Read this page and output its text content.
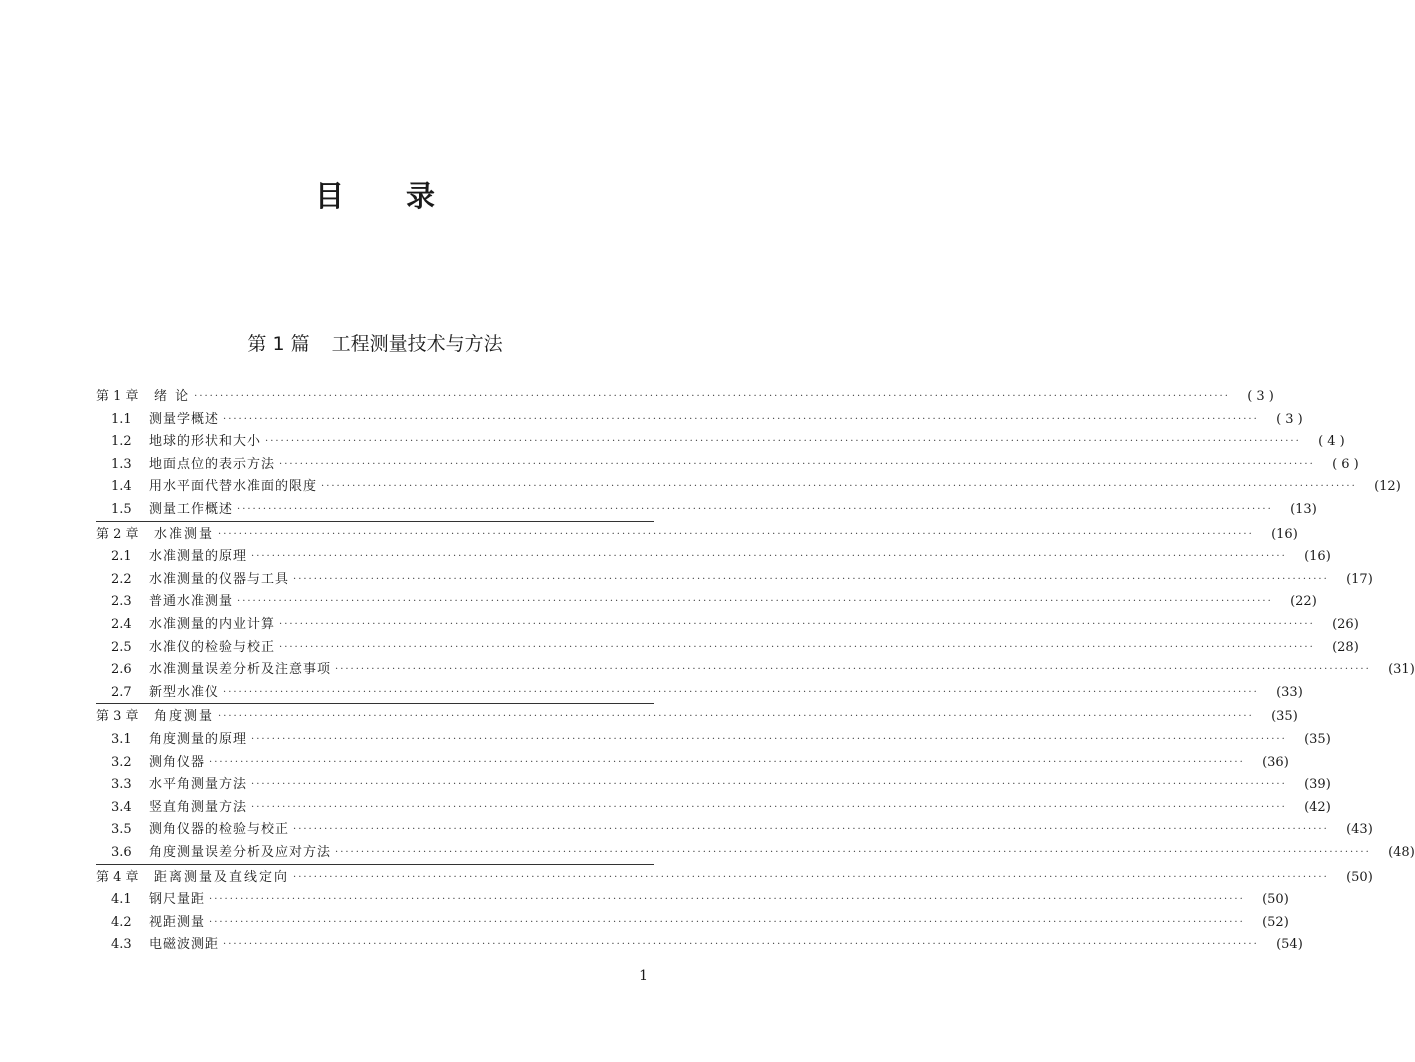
目 录
第 1 篇 工程测量技术与方法
第 1 章	绪 论 ········································································································································································································	( 3 )
1.1	测量学概述 ········································································································································································································	( 3 )
1.2	地球的形状和大小 ········································································································································································································	( 4 )
1.3	地面点位的表示方法 ········································································································································································································	( 6 )
1.4	用水平面代替水准面的限度 ········································································································································································································	(12)
1.5	测量工作概述 ········································································································································································································	(13)
第 2 章	水准测量 ········································································································································································································	(16)
2.1	水准测量的原理 ········································································································································································································	(16)
2.2	水准测量的仪器与工具 ········································································································································································································	(17)
2.3	普通水准测量 ········································································································································································································	(22)
2.4	水准测量的内业计算 ········································································································································································································	(26)
2.5	水准仪的检验与校正 ········································································································································································································	(28)
2.6	水准测量误差分析及注意事项 ········································································································································································································	(31)
2.7	新型水准仪 ········································································································································································································	(33)
第 3 章	角度测量 ········································································································································································································	(35)
3.1	角度测量的原理 ········································································································································································································	(35)
3.2	测角仪器 ········································································································································································································	(36)
3.3	水平角测量方法 ········································································································································································································	(39)
3.4	竖直角测量方法 ········································································································································································································	(42)
3.5	测角仪器的检验与校正 ········································································································································································································	(43)
3.6	角度测量误差分析及应对方法 ········································································································································································································	(48)
第 4 章	距离测量及直线定向 ········································································································································································································	(50)
4.1	钢尺量距 ········································································································································································································	(50)
4.2	视距测量 ········································································································································································································	(52)
4.3	电磁波测距 ········································································································································································································	(54)
1
